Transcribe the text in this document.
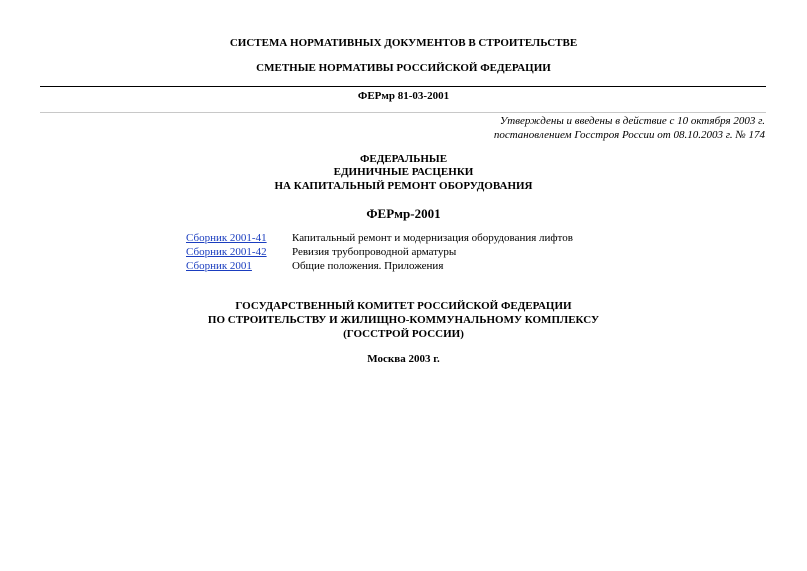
СИСТЕМА НОРМАТИВНЫХ ДОКУМЕНТОВ В СТРОИТЕЛЬСТВЕ
СМЕТНЫЕ НОРМАТИВЫ РОССИЙСКОЙ ФЕДЕРАЦИИ
ФЕРмр 81-03-2001
Утверждены и введены в действие с 10 октября 2003 г.
постановлением Госстроя России от 08.10.2003 г. № 174
ФЕДЕРАЛЬНЫЕ
ЕДИНИЧНЫЕ РАСЦЕНКИ
НА КАПИТАЛЬНЫЙ РЕМОНТ ОБОРУДОВАНИЯ
ФЕРмр-2001
Сборник 2001-41	Капитальный ремонт и модернизация оборудования лифтов
Сборник 2001-42	Ревизия трубопроводной арматуры
Сборник 2001	Общие положения. Приложения
ГОСУДАРСТВЕННЫЙ КОМИТЕТ РОССИЙСКОЙ ФЕДЕРАЦИИ
ПО СТРОИТЕЛЬСТВУ И ЖИЛИЩНО-КОММУНАЛЬНОМУ КОМПЛЕКСУ
(ГОССТРОЙ РОССИИ)
Москва 2003 г.
